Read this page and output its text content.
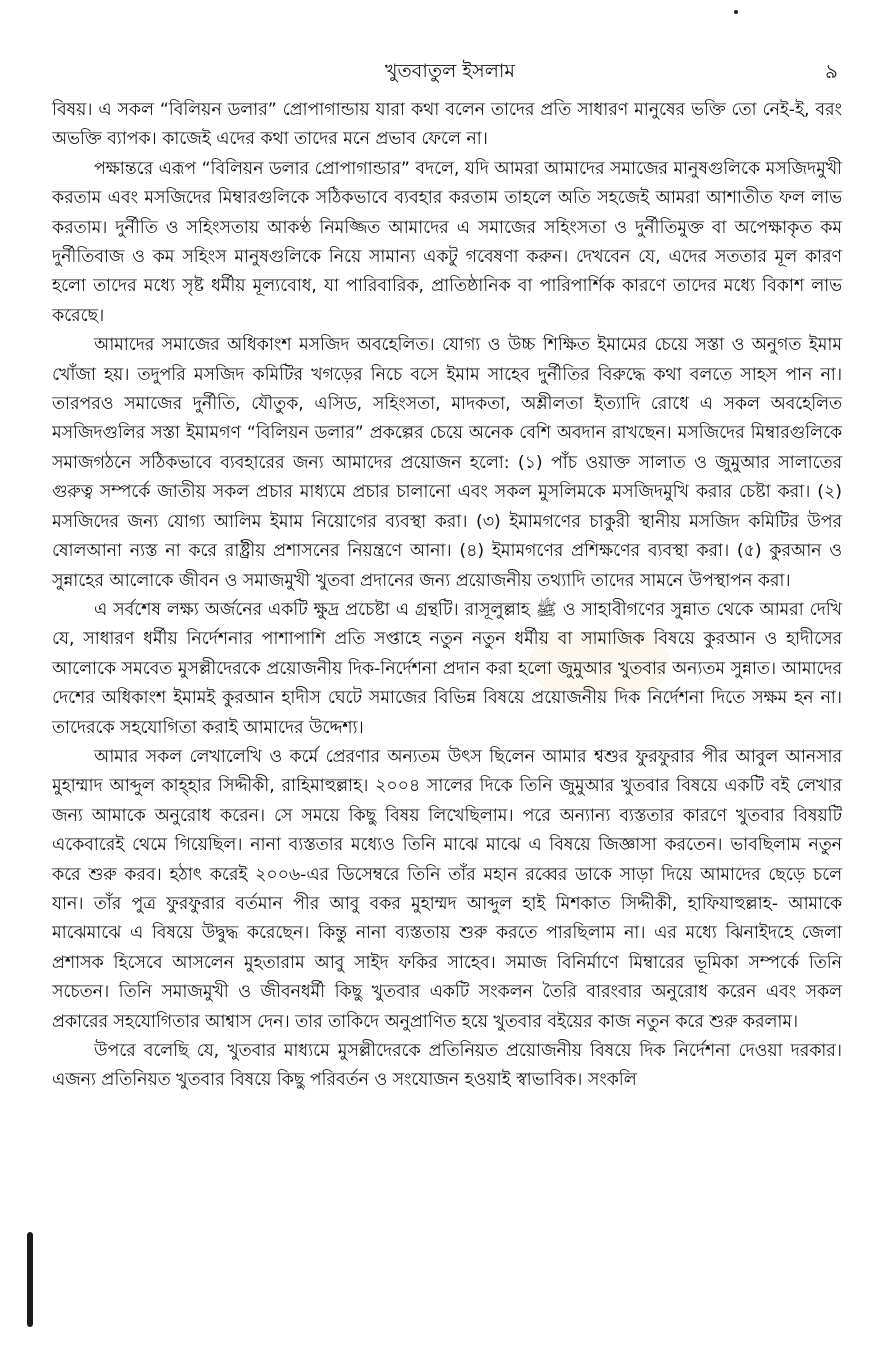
খুতবাতুল ইসলাম	৯

বিষয়। এ সকল “বিলিয়ন ডলার” প্রোপাগান্ডায় যারা কথা বলেন তাদের প্রতি সাধারণ মানুষের ভক্তি তো নেই-ই, বরং অভক্তি ব্যাপক। কাজেই এদের কথা তাদের মনে প্রভাব ফেলে না।

পক্ষান্তরে এরূপ “বিলিয়ন ডলার প্রোপাগান্ডার” বদলে, যদি আমরা আমাদের সমাজের মানুষগুলিকে মসজিদমুখী করতাম এবং মসজিদের মিম্বারগুলিকে সঠিকভাবে ব্যবহার করতাম তাহলে অতি সহজেই আমরা আশাতীত ফল লাভ করতাম। দুর্নীতি ও সহিংসতায় আকণ্ঠ নিমজ্জিত আমাদের এ সমাজের সহিংসতা ও দুর্নীতিমুক্ত বা অপেক্ষাকৃত কম দুর্নীতিবাজ ও কম সহিংস মানুষগুলিকে নিয়ে সামান্য একটু গবেষণা করুন। দেখবেন যে, এদের সততার মূল কারণ হলো তাদের মধ্যে সৃষ্ট ধর্মীয় মূল্যবোধ, যা পারিবারিক, প্রাতিষ্ঠানিক বা পারিপার্শিক কারণে তাদের মধ্যে বিকাশ লাভ করেছে।

আমাদের সমাজের অধিকাংশ মসজিদ অবহেলিত। যোগ্য ও উচ্চ শিক্ষিত ইমামের চেয়ে সস্তা ও অনুগত ইমাম খোঁজা হয়। তদুপরি মসজিদ কমিটির খগড়ের নিচে বসে ইমাম সাহেব দুর্নীতির বিরুদ্ধে কথা বলতে সাহস পান না। তারপরও সমাজের দুর্নীতি, যৌতুক, এসিড, সহিংসতা, মাদকতা, অশ্লীলতা ইত্যাদি রোধে এ সকল অবহেলিত মসজিদগুলির সস্তা ইমামগণ “বিলিয়ন ডলার” প্রকল্পের চেয়ে অনেক বেশি অবদান রাখছেন। মসজিদের মিম্বারগুলিকে সমাজগঠনে সঠিকভাবে ব্যবহারের জন্য আমাদের প্রয়োজন হলো: (১) পাঁচ ওয়াক্ত সালাত ও জুমুআর সালাতের গুরুত্ব সম্পর্কে জাতীয় সকল প্রচার মাধ্যমে প্রচার চালানো এবং সকল মুসলিমকে মসজিদমুখি করার চেষ্টা করা। (২) মসজিদের জন্য যোগ্য আলিম ইমাম নিয়োগের ব্যবস্থা করা। (৩) ইমামগণের চাকুরী স্থানীয় মসজিদ কমিটির উপর ষোলআনা ন্যস্ত না করে রাষ্ট্রীয় প্রশাসনের নিয়ন্ত্রণে আনা। (৪) ইমামগণের প্রশিক্ষণের ব্যবস্থা করা। (৫) কুরআন ও সুন্নাহের আলোকে জীবন ও সমাজমুখী খুতবা প্রদানের জন্য প্রয়োজনীয় তথ্যাদি তাদের সামনে উপস্থাপন করা।

এ সর্বশেষ লক্ষ্য অর্জনের একটি ক্ষুদ্র প্রচেষ্টা এ গ্রন্থটি। রাসূলুল্লাহ ﷺ ও সাহাবীগণের সুন্নাত থেকে আমরা দেখি যে, সাধারণ ধর্মীয় নির্দেশনার পাশাপাশি প্রতি সপ্তাহে নতুন নতুন ধর্মীয় বা সামাজিক বিষয়ে কুরআন ও হাদীসের আলোকে সমবেত মুসল্লীদেরকে প্রয়োজনীয় দিক-নির্দেশনা প্রদান করা হলো জুমুআর খুতবার অন্যতম সুন্নাত। আমাদের দেশের অধিকাংশ ইমামই কুরআন হাদীস ঘেটে সমাজের বিভিন্ন বিষয়ে প্রয়োজনীয় দিক নির্দেশনা দিতে সক্ষম হন না। তাদেরকে সহযোগিতা করাই আমাদের উদ্দেশ্য।

আমার সকল লেখালেখি ও কর্মে প্রেরণার অন্যতম উৎস ছিলেন আমার শ্বশুর ফুরফুরার পীর আবুল আনসার মুহাম্মাদ আব্দুল কাহ্হার সিদ্দীকী, রাহিমাহুল্লাহ। ২০০৪ সালের দিকে তিনি জুমুআর খুতবার বিষয়ে একটি বই লেখার জন্য আমাকে অনুরোধ করেন। সে সময়ে কিছু বিষয় লিখেছিলাম। পরে অন্যান্য ব্যস্ততার কারণে খুতবার বিষয়টি একেবারেই থেমে গিয়েছিল। নানা ব্যস্ততার মধ্যেও তিনি মাঝে মাঝে এ বিষয়ে জিজ্ঞাসা করতেন। ভাবছিলাম নতুন করে শুরু করব। হঠাৎ করেই ২০০৬-এর ডিসেম্বরে তিনি তাঁর মহান রব্বের ডাকে সাড়া দিয়ে আমাদের ছেড়ে চলে যান। তাঁর পুত্র ফুরফুরার বর্তমান পীর আবু বকর মুহাম্মদ আব্দুল হাই মিশকাত সিদ্দীকী, হাফিযাহুল্লাহ- আমাকে মাঝেমাঝে এ বিষয়ে উদ্বুদ্ধ করেছেন। কিন্তু নানা ব্যস্ততায় শুরু করতে পারছিলাম না। এর মধ্যে ঝিনাইদহে জেলা প্রশাসক হিসেবে আসলেন মুহতারাম আবু সাইদ ফকির সাহেব। সমাজ বিনির্মাণে মিম্বারের ভূমিকা সম্পর্কে তিনি সচেতন। তিনি সমাজমুখী ও জীবনধর্মী কিছু খুতবার একটি সংকলন তৈরি বারংবার অনুরোধ করেন এবং সকল প্রকারের সহযোগিতার আশ্বাস দেন। তার তাকিদে অনুপ্রাণিত হয়ে খুতবার বইয়ের কাজ নতুন করে শুরু করলাম।

উপরে বলেছি যে, খুতবার মাধ্যমে মুসল্লীদেরকে প্রতিনিয়ত প্রয়োজনীয় বিষয়ে দিক নির্দেশনা দেওয়া দরকার। এজন্য প্রতিনিয়ত খুতবার বিষয়ে কিছু পরিবর্তন ও সংযোজন হওয়াই স্বাভাবিক। সংকলি
